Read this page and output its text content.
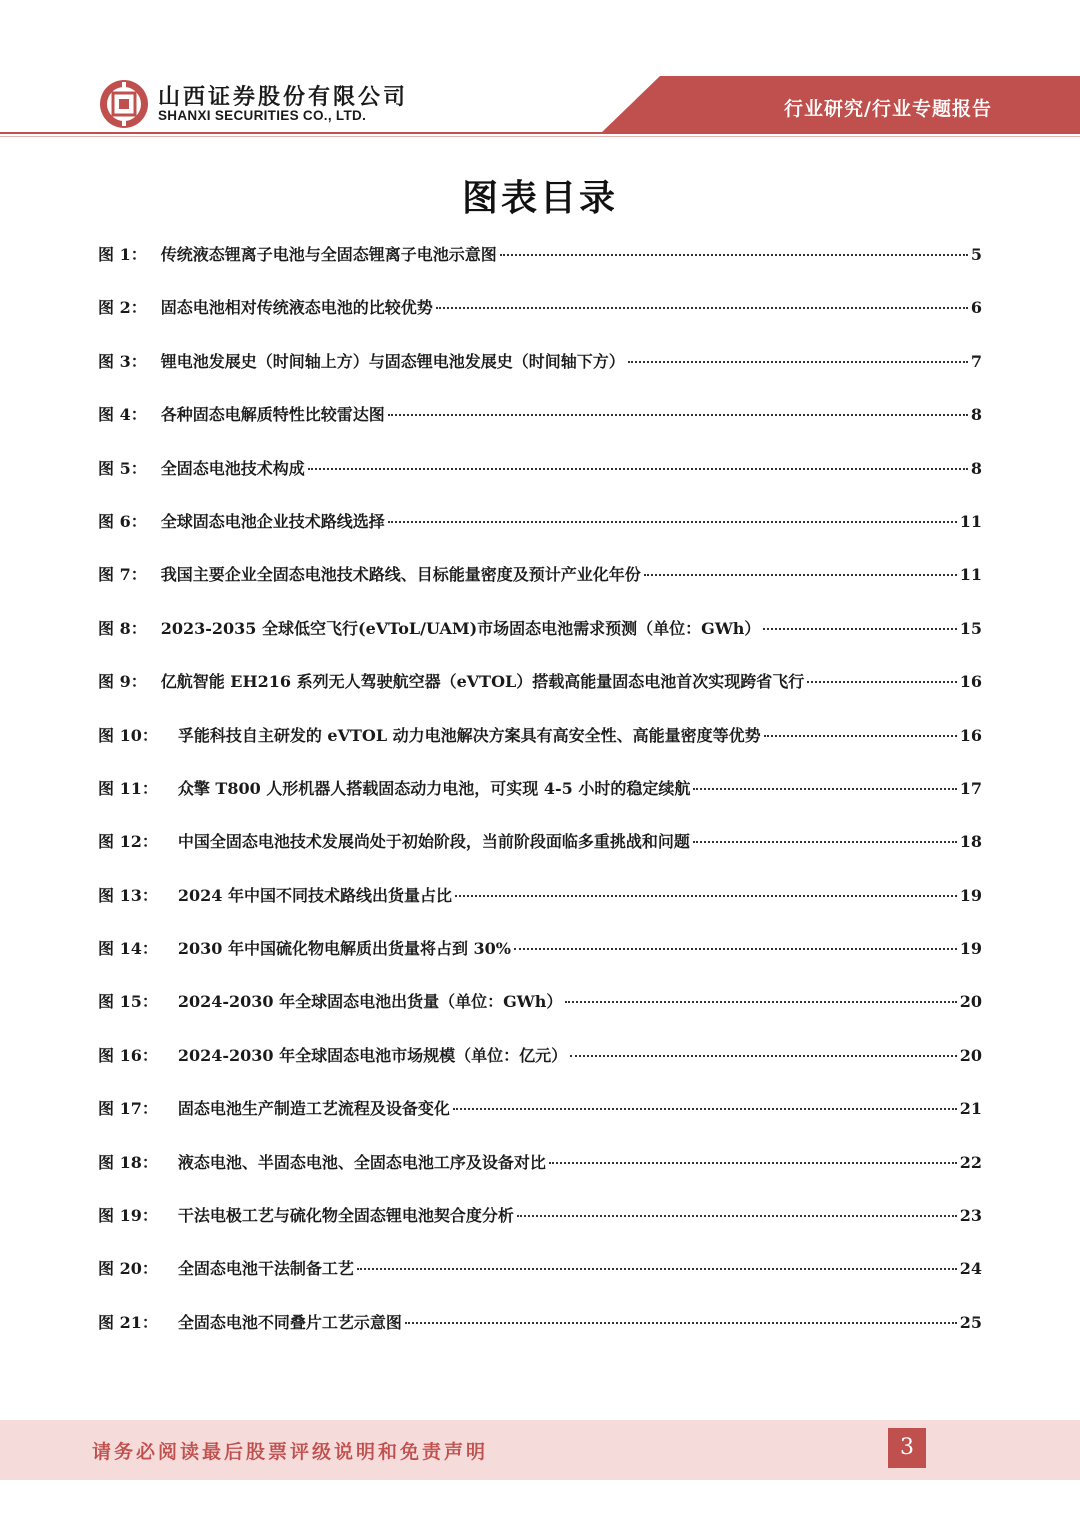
山西证券股份有限公司
SHANXI SECURITIES CO., LTD.	行业研究/行业专题报告
图表目录
图 1： 传统液态锂离子电池与全固态锂离子电池示意图	5
图 2： 固态电池相对传统液态电池的比较优势	6
图 3： 锂电池发展史（时间轴上方）与固态锂电池发展史（时间轴下方）	7
图 4： 各种固态电解质特性比较雷达图	8
图 5： 全固态电池技术构成	8
图 6： 全球固态电池企业技术路线选择	11
图 7： 我国主要企业全固态电池技术路线、目标能量密度及预计产业化年份	11
图 8： 2023-2035 全球低空飞行(eVToL/UAM)市场固态电池需求预测（单位：GWh）	15
图 9： 亿航智能 EH216 系列无人驾驶航空器（eVTOL）搭载高能量固态电池首次实现跨省飞行	16
图 10： 孚能科技自主研发的 eVTOL 动力电池解决方案具有高安全性、高能量密度等优势	16
图 11： 众擎 T800 人形机器人搭载固态动力电池，可实现 4-5 小时的稳定续航	17
图 12： 中国全固态电池技术发展尚处于初始阶段，当前阶段面临多重挑战和问题	18
图 13： 2024 年中国不同技术路线出货量占比	19
图 14： 2030 年中国硫化物电解质出货量将占到 30%	19
图 15： 2024-2030 年全球固态电池出货量（单位：GWh）	20
图 16： 2024-2030 年全球固态电池市场规模（单位：亿元）	20
图 17： 固态电池生产制造工艺流程及设备变化	21
图 18： 液态电池、半固态电池、全固态电池工序及设备对比	22
图 19： 干法电极工艺与硫化物全固态锂电池契合度分析	23
图 20： 全固态电池干法制备工艺	24
图 21： 全固态电池不同叠片工艺示意图	25
请务必阅读最后股票评级说明和免责声明	3
